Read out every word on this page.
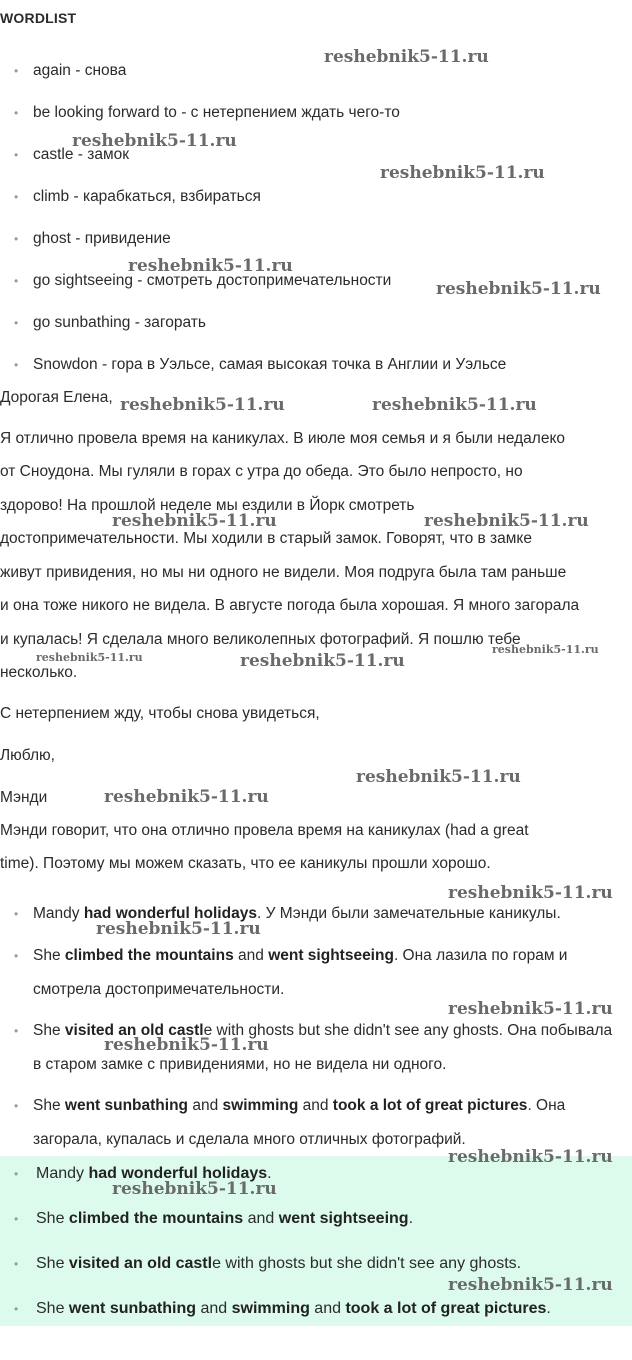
WORDLIST
• again - снова
• be looking forward to - с нетерпением ждать чего-то
• castle - замок
• climb - карабкаться, взбираться
• ghost - привидение
• go sightseeing - смотреть достопримечательности
• go sunbathing - загорать
• Snowdon - гора в Уэльсе, самая высокая точка в Англии и Уэльсе
Дорогая Елена,
Я отлично провела время на каникулах. В июле моя семья и я были недалеко
от Сноудона. Мы гуляли в горах с утра до обеда. Это было непросто, но
здорово! На прошлой неделе мы ездили в Йорк смотреть
достопримечательности. Мы ходили в старый замок. Говорят, что в замке
живут привидения, но мы ни одного не видели. Моя подруга была там раньше
и она тоже никого не видела. В августе погода была хорошая. Я много загорала
и купалась! Я сделала много великолепных фотографий. Я пошлю тебе
несколько.
С нетерпением жду, чтобы снова увидеться,
Люблю,
Мэнди
Мэнди говорит, что она отлично провела время на каникулах (had a great
time). Поэтому мы можем сказать, что ее каникулы прошли хорошо.
• Mandy had wonderful holidays. У Мэнди были замечательные каникулы.
• She climbed the mountains and went sightseeing. Она лазила по горам и смотрела достопримечательности.
• She visited an old castle with ghosts but she didn't see any ghosts. Она побывала в старом замке с привидениями, но не видела ни одного.
• She went sunbathing and swimming and took a lot of great pictures. Она загорала, купалась и сделала много отличных фотографий.
• Mandy had wonderful holidays.
• She climbed the mountains and went sightseeing.
• She visited an old castle with ghosts but she didn't see any ghosts.
• She went sunbathing and swimming and took a lot of great pictures.
reshebnik5-11.ru
reshebnik5-11.ru
reshebnik5-11.ru
reshebnik5-11.ru
reshebnik5-11.ru
reshebnik5-11.ru	reshebnik5-11.ru
reshebnik5-11.ru	reshebnik5-11.ru
reshebnik5-11.ru	reshebnik5-11.ru
reshebnik5-11.ru
reshebnik5-11.ru
reshebnik5-11.ru
reshebnik5-11.ru
reshebnik5-11.ru
reshebnik5-11.ru
reshebnik5-11.ru
reshebnik5-11.ru
reshebnik5-11.ru
reshebnik5-11.ru
